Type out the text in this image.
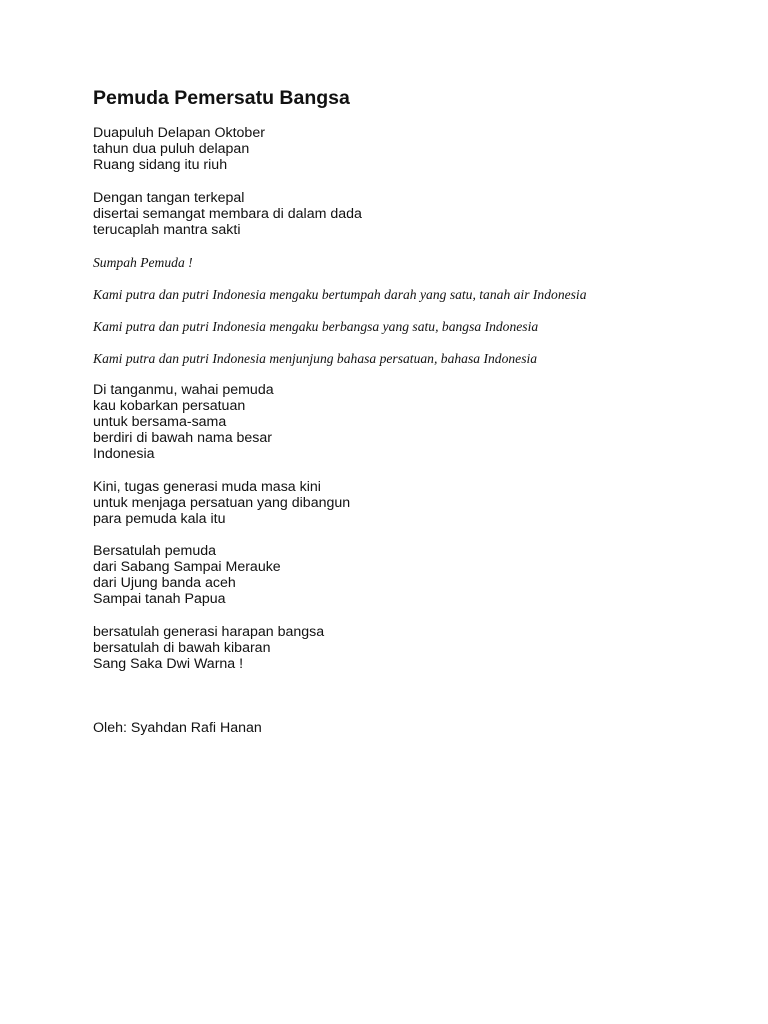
Pemuda Pemersatu Bangsa
Duapuluh Delapan Oktober
tahun dua puluh delapan
Ruang sidang itu riuh
Dengan tangan terkepal
disertai semangat membara di dalam dada
terucaplah mantra sakti

Sumpah Pemuda !

Kami putra dan putri Indonesia mengaku bertumpah darah yang satu, tanah air Indonesia

Kami putra dan putri Indonesia mengaku berbangsa yang satu, bangsa Indonesia

Kami putra dan putri Indonesia menjunjung bahasa persatuan, bahasa Indonesia

Di tanganmu, wahai pemuda
kau kobarkan persatuan
untuk bersama-sama
berdiri di bawah nama besar
Indonesia
Kini, tugas generasi muda masa kini
untuk menjaga persatuan yang dibangun
para pemuda kala itu
Bersatulah pemuda
dari Sabang Sampai Merauke
dari Ujung banda aceh
Sampai tanah Papua
bersatulah generasi harapan bangsa
bersatulah di bawah kibaran
Sang Saka Dwi Warna !

Oleh: Syahdan Rafi Hanan
